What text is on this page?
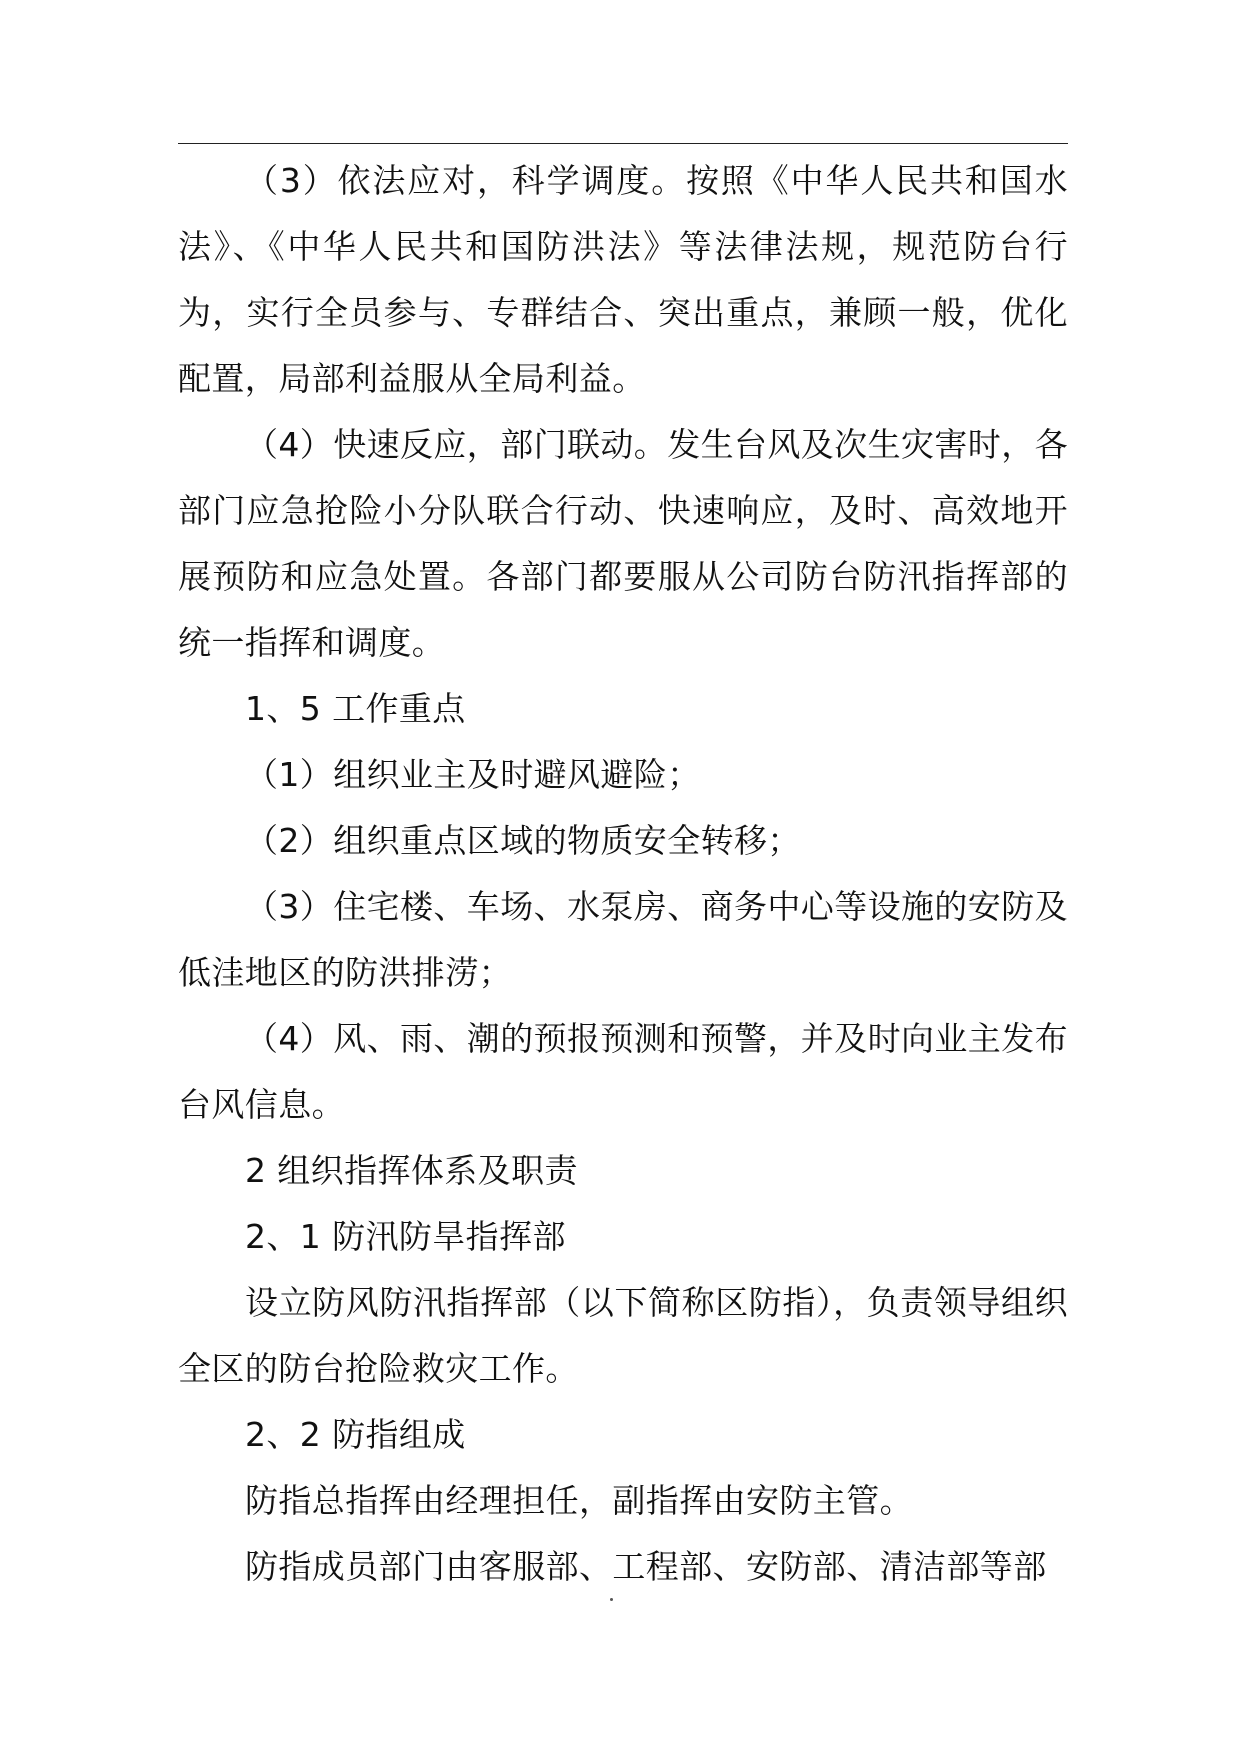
（3）依法应对，科学调度。按照《中华人民共和国水法》、《中华人民共和国防洪法》等法律法规，规范防台行为，实行全员参与、专群结合、突出重点，兼顾一般，优化配置，局部利益服从全局利益。

（4）快速反应，部门联动。发生台风及次生灾害时，各部门应急抢险小分队联合行动、快速响应，及时、高效地开展预防和应急处置。各部门都要服从公司防台防汛指挥部的统一指挥和调度。

1、5 工作重点

（1）组织业主及时避风避险；

（2）组织重点区域的物质安全转移；

（3）住宅楼、车场、水泵房、商务中心等设施的安防及低洼地区的防洪排涝；

（4）风、雨、潮的预报预测和预警，并及时向业主发布台风信息。

2 组织指挥体系及职责

2、1 防汛防旱指挥部

设立防风防汛指挥部（以下简称区防指），负责领导组织全区的防台抢险救灾工作。

2、2 防指组成

防指总指挥由经理担任，副指挥由安防主管。

防指成员部门由客服部、工程部、安防部、清洁部等部
